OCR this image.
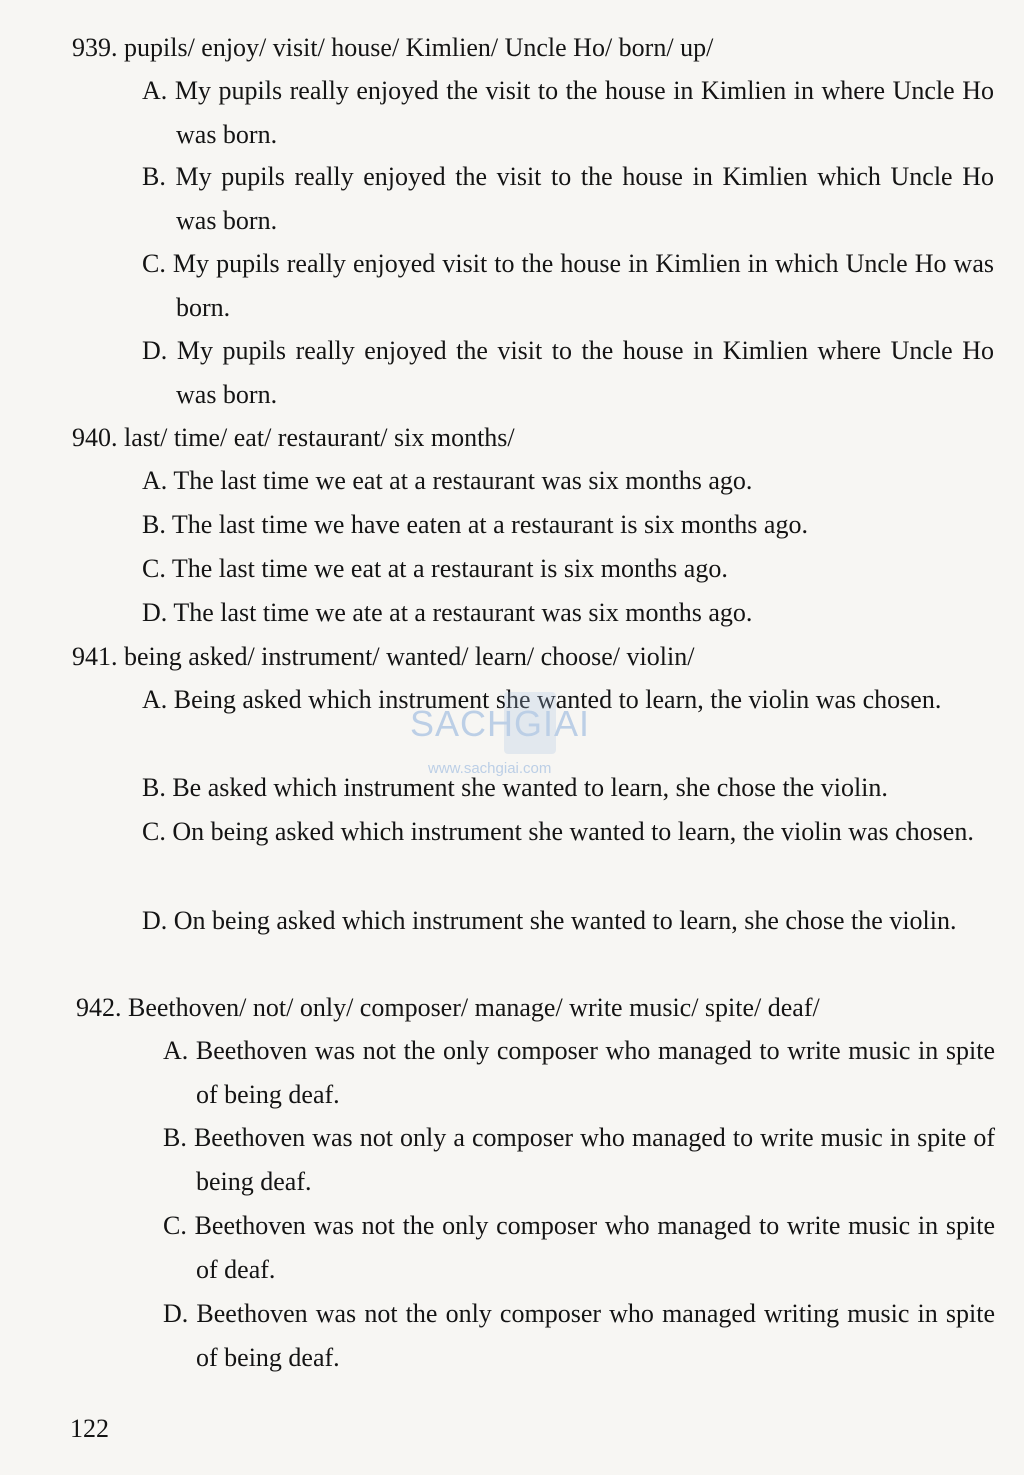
939. pupils/ enjoy/ visit/ house/ Kimlien/ Uncle Ho/ born/ up/
A. My pupils really enjoyed the visit to the house in Kimlien in where Uncle Ho was born.
B. My pupils really enjoyed the visit to the house in Kimlien which Uncle Ho was born.
C. My pupils really enjoyed visit to the house in Kimlien in which Uncle Ho was born.
D. My pupils really enjoyed the visit to the house in Kimlien where Uncle Ho was born.
940. last/ time/ eat/ restaurant/ six months/
A. The last time we eat at a restaurant was six months ago.
B. The last time we have eaten at a restaurant is six months ago.
C. The last time we eat at a restaurant is six months ago.
D. The last time we ate at a restaurant was six months ago.
941. being asked/ instrument/ wanted/ learn/ choose/ violin/
A. Being asked which instrument she wanted to learn, the violin was chosen.
B. Be asked which instrument she wanted to learn, she chose the violin.
C. On being asked which instrument she wanted to learn, the violin was chosen.
D. On being asked which instrument she wanted to learn, she chose the violin.
942. Beethoven/ not/ only/ composer/ manage/ write music/ spite/ deaf/
A. Beethoven was not the only composer who managed to write music in spite of being deaf.
B. Beethoven was not only a composer who managed to write music in spite of being deaf.
C. Beethoven was not the only composer who managed to write music in spite of deaf.
D. Beethoven was not the only composer who managed writing music in spite of being deaf.
SACHGIAI
www.sachgiai.com
122
